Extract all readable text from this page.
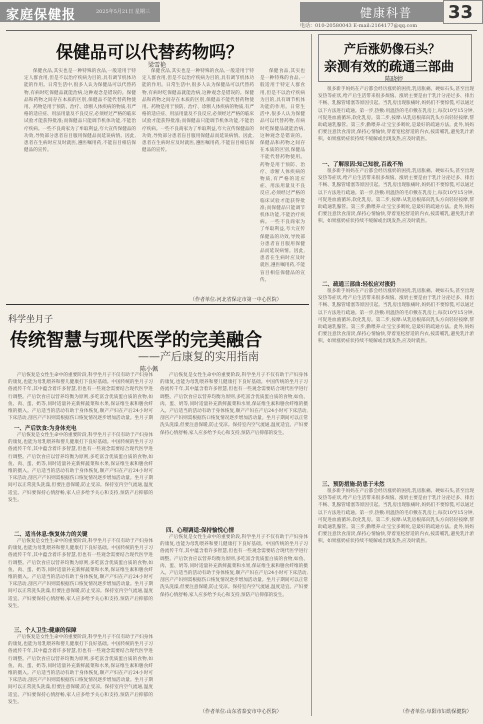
家庭保健报	2025年5月21日 星期三	健康科普 33
电话：010-20580043 E-mail:2164177@qq.com
保健品可以代替药物吗？
梁雪艳

保健食品,其实也是一种特殊的食品,一般适用于特定人群食用,但是不以治疗疾病为目的,具有调节机体功能的作用。日常生活中,很多人认为保健品可以代替药物,有病时吃保健品就能治病,这种观念是错误的。保健品和药物之间存在本质的区别,保健品不能代替药物使用。药物是用于预防、治疗、诊断人体疾病的物质,有严格的适应症、用法用量及不良反应,必须经过严格的临床试验才能获得批准;而保健品只能调节机体功能,不能治疗疾病。一些不良商家为了牟取利益,夸大宣传保健品的功效,导致部分患者盲目服用保健品而延误病情。因此,患者在生病时应及时就医,遵医嘱用药,不能盲目相信保健品的宣传。

保健食品,其实也是一种特殊的食品,一般适用于特定人群食用,但是不以治疗疾病为目的,具有调节机体功能的作用。日常生活中,很多人认为保健品可以代替药物,有病时吃保健品就能治病,这种观念是错误的。保健品和药物之间存在本质的区别,保健品不能代替药物使用。药物是用于预防、治疗、诊断人体疾病的物质,有严格的适应症、用法用量及不良反应,必须经过严格的临床试验才能获得批准;而保健品只能调节机体功能,不能治疗疾病。一些不良商家为了牟取利益,夸大宣传保健品的功效,导致部分患者盲目服用保健品而延误病情。因此,患者在生病时应及时就医,遵医嘱用药,不能盲目相信保健品的宣传。

保健食品,其实也是一种特殊的食品,一般适用于特定人群食用,但是不以治疗疾病为目的,具有调节机体功能的作用。日常生活中,很多人认为保健品可以代替药物,有病时吃保健品就能治病,这种观念是错误的。保健品和药物之间存在本质的区别,保健品不能代替药物使用。药物是用于预防、治疗、诊断人体疾病的物质,有严格的适应症、用法用量及不良反应,必须经过严格的临床试验才能获得批准;而保健品只能调节机体功能,不能治疗疾病。一些不良商家为了牟取利益,夸大宣传保健品的功效,导致部分患者盲目服用保健品而延误病情。因此,患者在生病时应及时就医,遵医嘱用药,不能盲目相信保健品的宣传。

（作者单位:河北省保定市第一中心医院）
产后涨奶像石头？
亲测有效的疏通三部曲
陈晓婷

很多新手妈妈在产后都会经历涨奶的困扰,乳房胀痛、硬如石头,甚至出现发热等症状,给产后生活带来很多烦恼。涨奶主要是由于乳汁分泌过多、排出不畅、乳腺管堵塞等原因引起。当乳房出现胀痛时,妈妈们不要惊慌,可以通过以下方法进行疏通。第一步,热敷:用温热的毛巾敷在乳房上,每次10至15分钟,可促进血液循环,软化乳房。第二步,按摩:从乳房根部向乳头方向轻轻按摩,帮助疏通乳腺管。第三步,勤喂养:让宝宝多吸吮,是最好的疏通方法。此外,妈妈们要注意饮食清淡,保持心情愉快,穿着宽松舒适的内衣,按需哺乳,避免乳汁淤积。如果涨奶症状持续不缓解或出现发热,应及时就医。

一、了解原因:知己知彼,百战不殆

很多新手妈妈在产后都会经历涨奶的困扰,乳房胀痛、硬如石头,甚至出现发热等症状,给产后生活带来很多烦恼。涨奶主要是由于乳汁分泌过多、排出不畅、乳腺管堵塞等原因引起。当乳房出现胀痛时,妈妈们不要惊慌,可以通过以下方法进行疏通。第一步,热敷:用温热的毛巾敷在乳房上,每次10至15分钟,可促进血液循环,软化乳房。第二步,按摩:从乳房根部向乳头方向轻轻按摩,帮助疏通乳腺管。第三步,勤喂养:让宝宝多吸吮,是最好的疏通方法。此外,妈妈们要注意饮食清淡,保持心情愉快,穿着宽松舒适的内衣,按需哺乳,避免乳汁淤积。如果涨奶症状持续不缓解或出现发热,应及时就医。

二、疏通三部曲:轻松应对涨奶

很多新手妈妈在产后都会经历涨奶的困扰,乳房胀痛、硬如石头,甚至出现发热等症状,给产后生活带来很多烦恼。涨奶主要是由于乳汁分泌过多、排出不畅、乳腺管堵塞等原因引起。当乳房出现胀痛时,妈妈们不要惊慌,可以通过以下方法进行疏通。第一步,热敷:用温热的毛巾敷在乳房上,每次10至15分钟,可促进血液循环,软化乳房。第二步,按摩:从乳房根部向乳头方向轻轻按摩,帮助疏通乳腺管。第三步,勤喂养:让宝宝多吸吮,是最好的疏通方法。此外,妈妈们要注意饮食清淡,保持心情愉快,穿着宽松舒适的内衣,按需哺乳,避免乳汁淤积。如果涨奶症状持续不缓解或出现发热,应及时就医。

三、预防措施:防患于未然

很多新手妈妈在产后都会经历涨奶的困扰,乳房胀痛、硬如石头,甚至出现发热等症状,给产后生活带来很多烦恼。涨奶主要是由于乳汁分泌过多、排出不畅、乳腺管堵塞等原因引起。当乳房出现胀痛时,妈妈们不要惊慌,可以通过以下方法进行疏通。第一步,热敷:用温热的毛巾敷在乳房上,每次10至15分钟,可促进血液循环,软化乳房。第二步,按摩:从乳房根部向乳头方向轻轻按摩,帮助疏通乳腺管。第三步,勤喂养:让宝宝多吸吮,是最好的疏通方法。此外,妈妈们要注意饮食清淡,保持心情愉快,穿着宽松舒适的内衣,按需哺乳,避免乳汁淤积。如果涨奶症状持续不缓解或出现发热,应及时就医。

（作者单位:阜阳市妇幼保健院）
科学坐月子
传统智慧与现代医学的完美融合
——产后康复的实用指南
陈小佩

产后恢复是女性生命中的重要阶段,科学坐月子不仅有助于产妇身体的康复,也能为母乳喂养和婴儿健康打下良好基础。中国传统的坐月子习俗流传千年,其中蕴含着许多智慧,但也有一些观念需要结合现代医学进行调整。产后饮食应以营养均衡为原则,多吃富含优质蛋白质的食物,如鱼、肉、蛋、奶等,同时适量补充新鲜蔬菜和水果,保证维生素和膳食纤维的摄入。产后适当的活动有助于身体恢复,顺产产妇在产后24小时可下床活动,剖宫产产妇则需根据伤口恢复情况逐步增加活动量。坐月子期

一、产后饮食:为身体充电

产后恢复是女性生命中的重要阶段,科学坐月子不仅有助于产妇身体的康复,也能为母乳喂养和婴儿健康打下良好基础。中国传统的坐月子习俗流传千年,其中蕴含着许多智慧,但也有一些观念需要结合现代医学进行调整。产后饮食应以营养均衡为原则,多吃富含优质蛋白质的食物,如鱼、肉、蛋、奶等,同时适量补充新鲜蔬菜和水果,保证维生素和膳食纤维的摄入。产后适当的活动有助于身体恢复,顺产产妇在产后24小时可下床活动,剖宫产产妇则需根据伤口恢复情况逐步增加活动量。坐月子期间可以正常洗头洗澡,但要注意保暖,防止受凉。保持室内空气流通,温度适宜。产妇要保持心情舒畅,家人应多给予关心和支持,预防产后抑郁的发生。

二、适当休息:恢复体力的关键

产后恢复是女性生命中的重要阶段,科学坐月子不仅有助于产妇身体的康复,也能为母乳喂养和婴儿健康打下良好基础。中国传统的坐月子习俗流传千年,其中蕴含着许多智慧,但也有一些观念需要结合现代医学进行调整。产后饮食应以营养均衡为原则,多吃富含优质蛋白质的食物,如鱼、肉、蛋、奶等,同时适量补充新鲜蔬菜和水果,保证维生素和膳食纤维的摄入。产后适当的活动有助于身体恢复,顺产产妇在产后24小时可下床活动,剖宫产产妇则需根据伤口恢复情况逐步增加活动量。坐月子期间可以正常洗头洗澡,但要注意保暖,防止受凉。保持室内空气流通,温度适宜。产妇要保持心情舒畅,家人应多给予关心和支持,预防产后抑郁的发生。

三、个人卫生:健康的保障

产后恢复是女性生命中的重要阶段,科学坐月子不仅有助于产妇身体的康复,也能为母乳喂养和婴儿健康打下良好基础。中国传统的坐月子习俗流传千年,其中蕴含着许多智慧,但也有一些观念需要结合现代医学进行调整。产后饮食应以营养均衡为原则,多吃富含优质蛋白质的食物,如鱼、肉、蛋、奶等,同时适量补充新鲜蔬菜和水果,保证维生素和膳食纤维的摄入。产后适当的活动有助于身体恢复,顺产产妇在产后24小时可下床活动,剖宫产产妇则需根据伤口恢复情况逐步增加活动量。坐月子期间可以正常洗头洗澡,但要注意保暖,防止受凉。保持室内空气流通,温度适宜。产妇要保持心情舒畅,家人应多给予关心和支持,预防产后抑郁的发生。

产后恢复是女性生命中的重要阶段,科学坐月子不仅有助于产妇身体的康复,也能为母乳喂养和婴儿健康打下良好基础。中国传统的坐月子习俗流传千年,其中蕴含着许多智慧,但也有一些观念需要结合现代医学进行调整。产后饮食应以营养均衡为原则,多吃富含优质蛋白质的食物,如鱼、肉、蛋、奶等,同时适量补充新鲜蔬菜和水果,保证维生素和膳食纤维的摄入。产后适当的活动有助于身体恢复,顺产产妇在产后24小时可下床活动,剖宫产产妇则需根据伤口恢复情况逐步增加活动量。坐月子期间可以正常洗头洗澡,但要注意保暖,防止受凉。保持室内空气流通,温度适宜。产妇要保持心情舒畅,家人应多给予关心和支持,预防产后抑郁的发生。

四、心理调适:保持愉悦心情

产后恢复是女性生命中的重要阶段,科学坐月子不仅有助于产妇身体的康复,也能为母乳喂养和婴儿健康打下良好基础。中国传统的坐月子习俗流传千年,其中蕴含着许多智慧,但也有一些观念需要结合现代医学进行调整。产后饮食应以营养均衡为原则,多吃富含优质蛋白质的食物,如鱼、肉、蛋、奶等,同时适量补充新鲜蔬菜和水果,保证维生素和膳食纤维的摄入。产后适当的活动有助于身体恢复,顺产产妇在产后24小时可下床活动,剖宫产产妇则需根据伤口恢复情况逐步增加活动量。坐月子期间可以正常洗头洗澡,但要注意保暖,防止受凉。保持室内空气流通,温度适宜。产妇要保持心情舒畅,家人应多给予关心和支持,预防产后抑郁的发生。

（作者单位:山东省泰安市中心医院）
